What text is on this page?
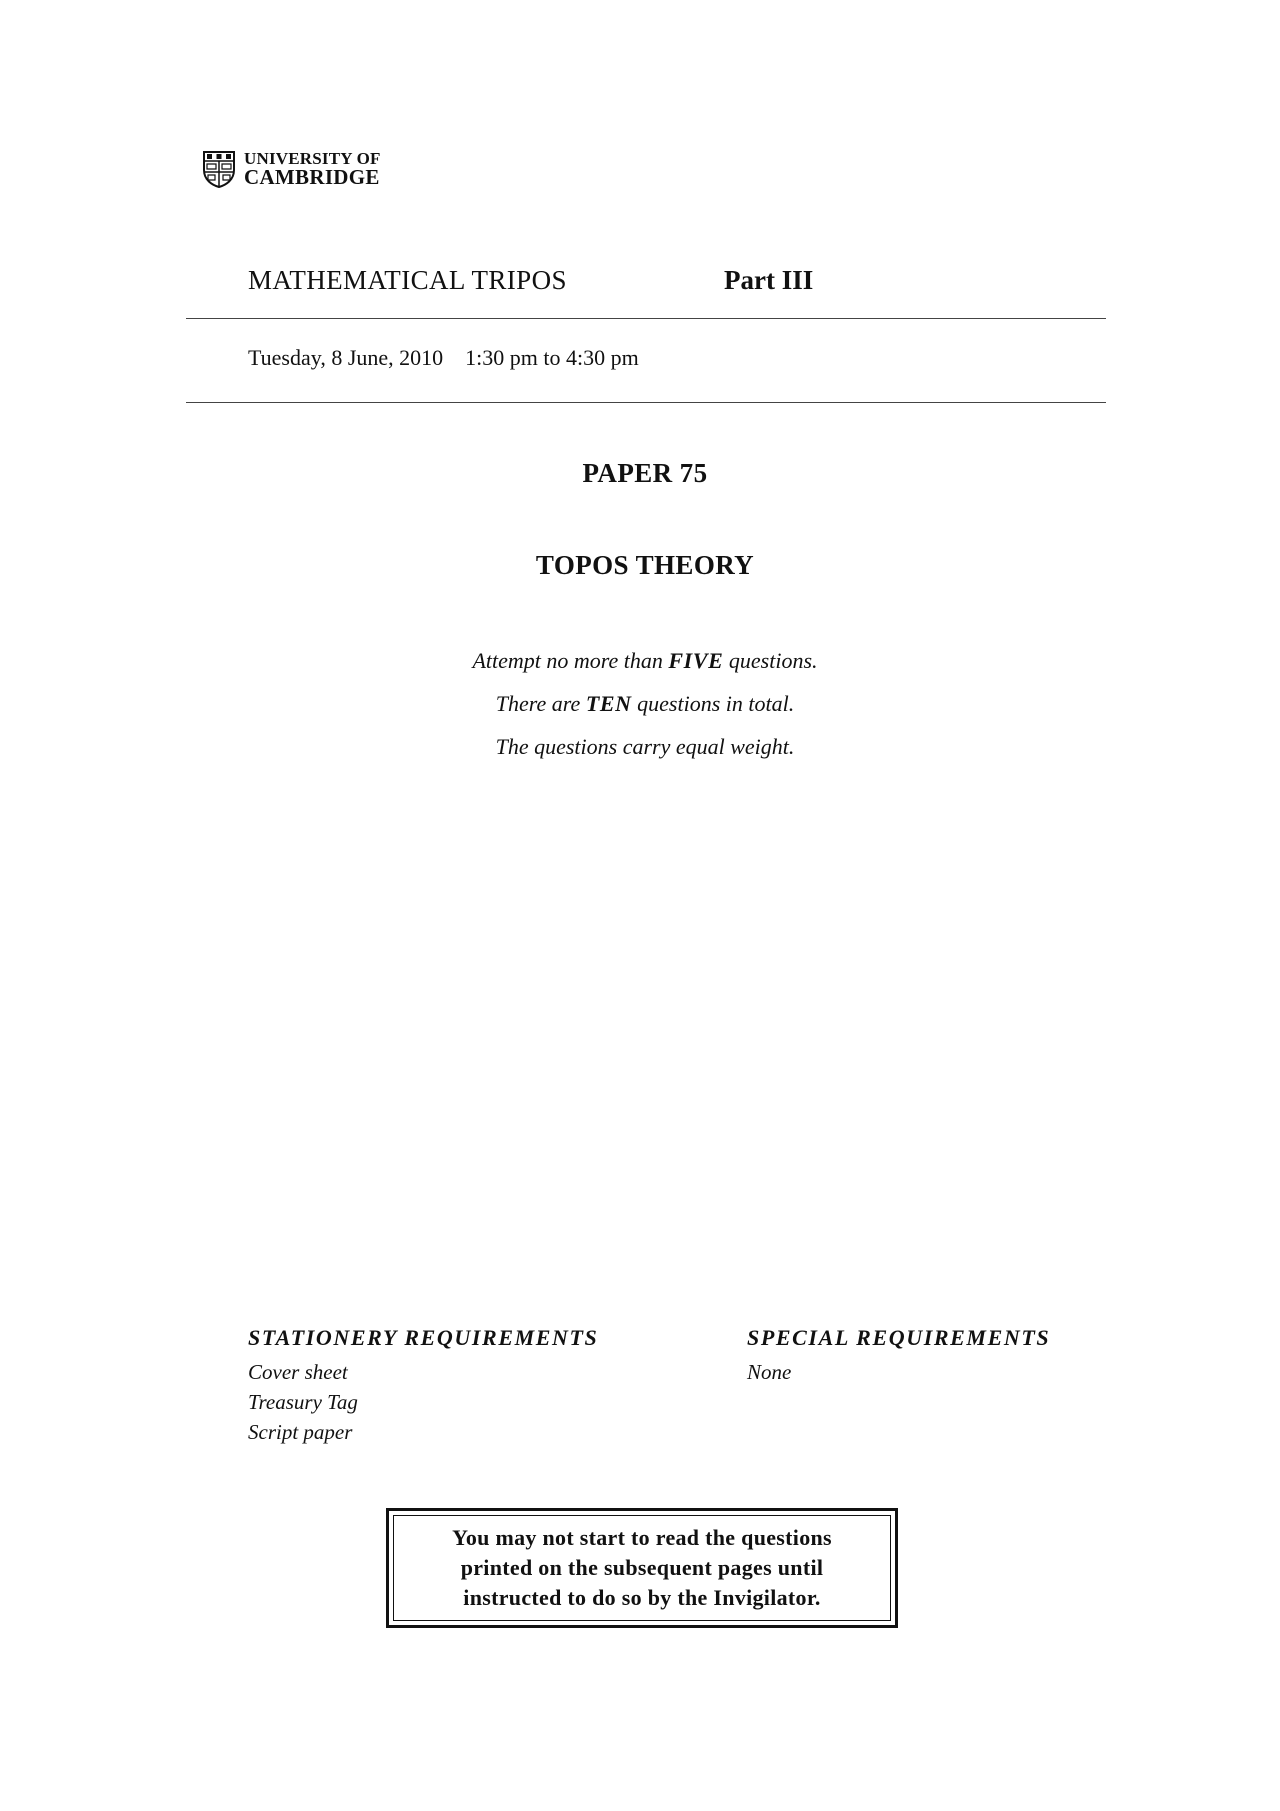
UNIVERSITY OF
CAMBRIDGE
MATHEMATICAL TRIPOS	Part III
Tuesday, 8 June, 2010 1:30 pm to 4:30 pm
PAPER 75
TOPOS THEORY
Attempt no more than FIVE questions.
There are TEN questions in total.
The questions carry equal weight.
STATIONERY REQUIREMENTS
Cover sheet
Treasury Tag
Script paper
SPECIAL REQUIREMENTS
None
You may not start to read the questions
printed on the subsequent pages until
instructed to do so by the Invigilator.
